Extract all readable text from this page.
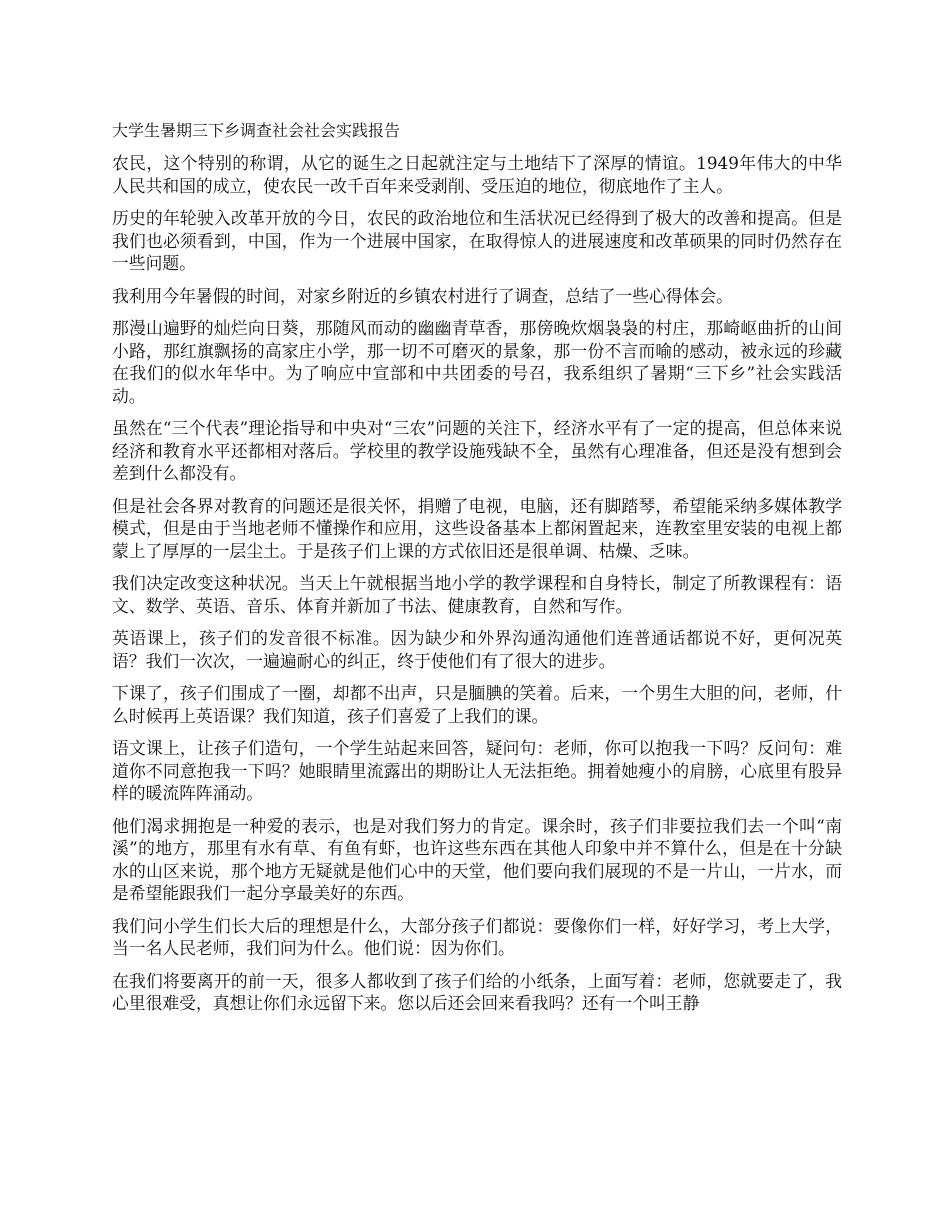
大学生暑期三下乡调查社会社会实践报告

农民，这个特别的称谓，从它的诞生之日起就注定与土地结下了深厚的情谊。1949年伟大的中华人民共和国的成立，使农民一改千百年来受剥削、受压迫的地位，彻底地作了主人。

历史的年轮驶入改革开放的今日，农民的政治地位和生活状况已经得到了极大的改善和提高。但是我们也必须看到，中国，作为一个进展中国家，在取得惊人的进展速度和改革硕果的同时仍然存在一些问题。

我利用今年暑假的时间，对家乡附近的乡镇农村进行了调查，总结了一些心得体会。

那漫山遍野的灿烂向日葵，那随风而动的幽幽青草香，那傍晚炊烟袅袅的村庄，那崎岖曲折的山间小路，那红旗飘扬的高家庄小学，那一切不可磨灭的景象，那一份不言而喻的感动，被永远的珍藏在我们的似水年华中。为了响应中宣部和中共团委的号召，我系组织了暑期“三下乡”社会实践活动。

虽然在“三个代表”理论指导和中央对“三农”问题的关注下，经济水平有了一定的提高，但总体来说经济和教育水平还都相对落后。学校里的教学设施残缺不全，虽然有心理准备，但还是没有想到会差到什么都没有。

但是社会各界对教育的问题还是很关怀，捐赠了电视，电脑，还有脚踏琴，希望能采纳多媒体教学模式，但是由于当地老师不懂操作和应用，这些设备基本上都闲置起来，连教室里安装的电视上都蒙上了厚厚的一层尘土。于是孩子们上课的方式依旧还是很单调、枯燥、乏味。

我们决定改变这种状况。当天上午就根据当地小学的教学课程和自身特长，制定了所教课程有：语文、数学、英语、音乐、体育并新加了书法、健康教育，自然和写作。

英语课上，孩子们的发音很不标准。因为缺少和外界沟通沟通他们连普通话都说不好，更何况英语？我们一次次，一遍遍耐心的纠正，终于使他们有了很大的进步。

下课了，孩子们围成了一圈，却都不出声，只是腼腆的笑着。后来，一个男生大胆的问，老师，什么时候再上英语课？我们知道，孩子们喜爱了上我们的课。

语文课上，让孩子们造句，一个学生站起来回答，疑问句：老师，你可以抱我一下吗？反问句：难道你不同意抱我一下吗？她眼睛里流露出的期盼让人无法拒绝。拥着她瘦小的肩膀，心底里有股异样的暖流阵阵涌动。

他们渴求拥抱是一种爱的表示，也是对我们努力的肯定。课余时，孩子们非要拉我们去一个叫“南溪”的地方，那里有水有草、有鱼有虾，也许这些东西在其他人印象中并不算什么，但是在十分缺水的山区来说，那个地方无疑就是他们心中的天堂，他们要向我们展现的不是一片山，一片水，而是希望能跟我们一起分享最美好的东西。

我们问小学生们长大后的理想是什么，大部分孩子们都说：要像你们一样，好好学习，考上大学，当一名人民老师，我们问为什么。他们说：因为你们。

在我们将要离开的前一天，很多人都收到了孩子们给的小纸条，上面写着：老师，您就要走了，我心里很难受，真想让你们永远留下来。您以后还会回来看我吗？还有一个叫王静
